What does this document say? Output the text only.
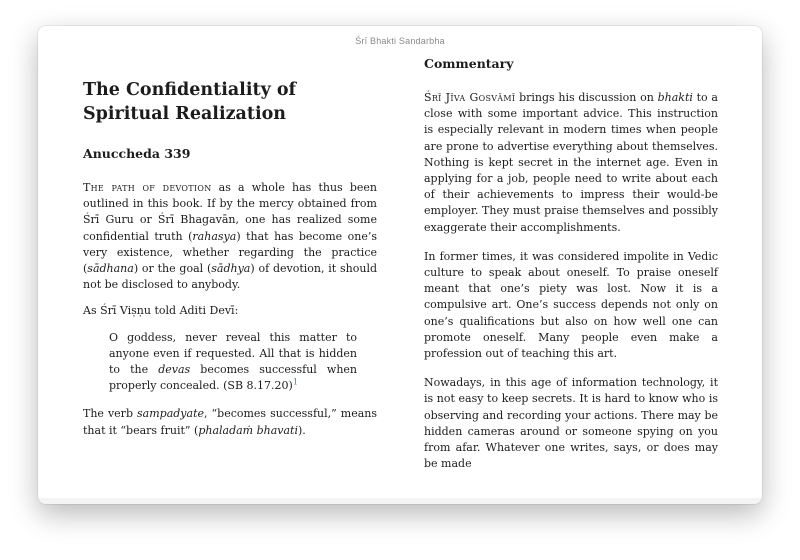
Śrī Bhakti Sandarbha
The Confidentiality of Spiritual Realization
Anuccheda 339

The path of devotion as a whole has thus been outlined in this book. If by the mercy obtained from Śrī Guru or Śrī Bhagavān, one has realized some confidential truth (rahasya) that has become one’s very existence, whether regarding the practice (sādhana) or the goal (sādhya) of devotion, it should not be disclosed to anybody.

As Śrī Viṣṇu told Aditi Devī:

O goddess, never reveal this matter to anyone even if requested. All that is hidden to the devas becomes successful when properly concealed. (SB 8.17.20)$^1$

The verb sampadyate, “becomes successful,” means that it “bears fruit” (phaladaṁ bhavati).

Commentary

Śrī Jīva Gosvāmī brings his discussion on bhakti to a close with some important advice. This instruction is especially relevant in modern times when people are prone to advertise everything about themselves. Nothing is kept secret in the internet age. Even in applying for a job, people need to write about each of their achievements to impress their would-be employer. They must praise themselves and possibly exaggerate their accomplishments.

In former times, it was considered impolite in Vedic culture to speak about oneself. To praise oneself meant that one’s piety was lost. Now it is a compulsive art. One’s success depends not only on one’s qualifications but also on how well one can promote oneself. Many people even make a profession out of teaching this art.

Nowadays, in this age of information technology, it is not easy to keep secrets. It is hard to know who is observing and recording your actions. There may be hidden cameras around or someone spying on you from afar. Whatever one writes, says, or does may be made
